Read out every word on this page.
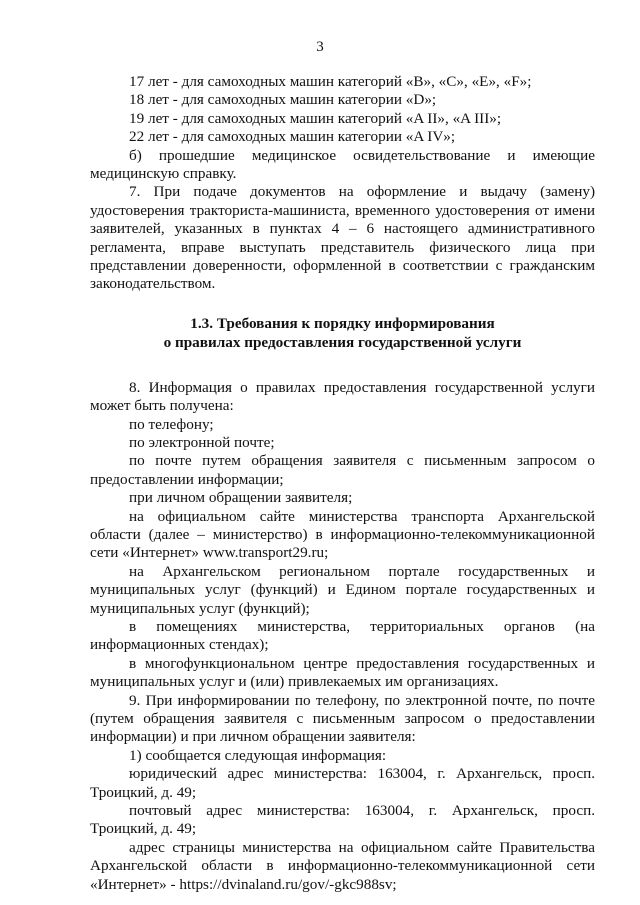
3

17 лет - для самоходных машин категорий «B», «C», «E», «F»;

18 лет - для самоходных машин категории «D»;

19 лет - для самоходных машин категорий «A II», «A III»;

22 лет - для самоходных машин категории «A IV»;

б) прошедшие медицинское освидетельствование и имеющие медицинскую справку.

7. При подаче документов на оформление и выдачу (замену) удостоверения тракториста-машиниста, временного удостоверения от имени заявителей, указанных в пунктах 4 – 6 настоящего административного регламента, вправе выступать представитель физического лица при представлении доверенности, оформленной в соответствии с гражданским законодательством.

1.3. Требования к порядку информирования

о правилах предоставления государственной услуги

8. Информация о правилах предоставления государственной услуги может быть получена:

по телефону;

по электронной почте;

по почте путем обращения заявителя с письменным запросом о предоставлении информации;

при личном обращении заявителя;

на официальном сайте министерства транспорта Архангельской области (далее – министерство) в информационно-телекоммуникационной сети «Интернет» www.transport29.ru;

на Архангельском региональном портале государственных и муниципальных услуг (функций) и Едином портале государственных и муниципальных услуг (функций);

в помещениях министерства, территориальных органов (на информационных стендах);

в многофункциональном центре предоставления государственных и муниципальных услуг и (или) привлекаемых им организациях.

9. При информировании по телефону, по электронной почте, по почте (путем обращения заявителя с письменным запросом о предоставлении информации) и при личном обращении заявителя:

1) сообщается следующая информация:

юридический адрес министерства: 163004, г. Архангельск, просп. Троицкий, д. 49;

почтовый адрес министерства: 163004, г. Архангельск, просп. Троицкий, д. 49;

адрес страницы министерства на официальном сайте Правительства Архангельской области в информационно-телекоммуникационной сети «Интернет» - https://dvinaland.ru/gov/-gkc988sv;
